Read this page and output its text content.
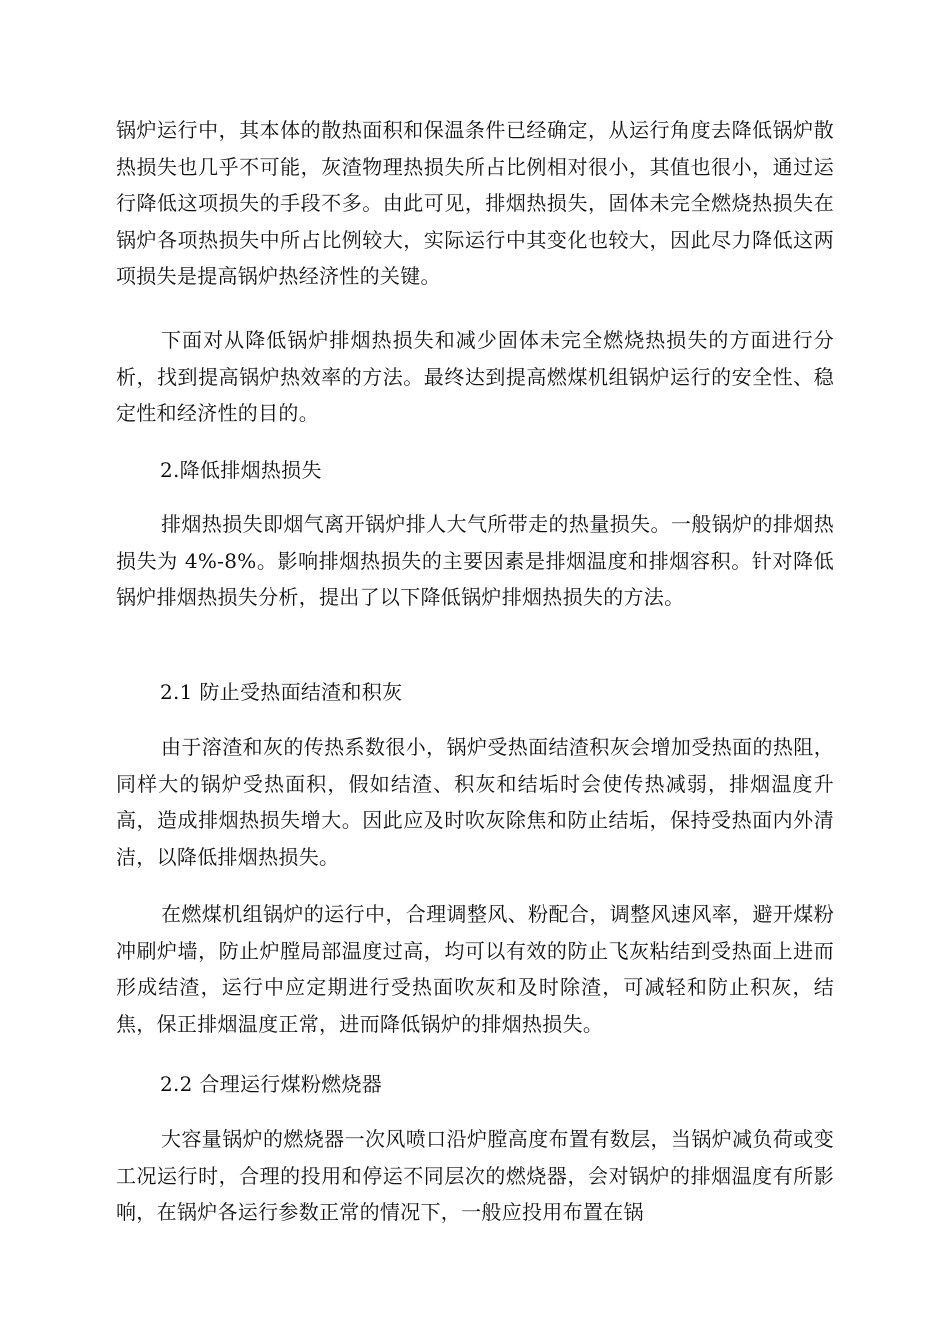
锅炉运行中，其本体的散热面积和保温条件已经确定，从运行角度去降低锅炉散热损失也几乎不可能，灰渣物理热损失所占比例相对很小，其值也很小，通过运行降低这项损失的手段不多。由此可见，排烟热损失，固体未完全燃烧热损失在锅炉各项热损失中所占比例较大，实际运行中其变化也较大，因此尽力降低这两项损失是提高锅炉热经济性的关键。

下面对从降低锅炉排烟热损失和减少固体未完全燃烧热损失的方面进行分析，找到提高锅炉热效率的方法。最终达到提高燃煤机组锅炉运行的安全性、稳定性和经济性的目的。

2.降低排烟热损失

排烟热损失即烟气离开锅炉排人大气所带走的热量损失。一般锅炉的排烟热损失为 4%-8%。影响排烟热损失的主要因素是排烟温度和排烟容积。针对降低锅炉排烟热损失分析，提出了以下降低锅炉排烟热损失的方法。

2.1 防止受热面结渣和积灰

由于溶渣和灰的传热系数很小，锅炉受热面结渣积灰会增加受热面的热阻，同样大的锅炉受热面积，假如结渣、积灰和结垢时会使传热减弱，排烟温度升高，造成排烟热损失增大。因此应及时吹灰除焦和防止结垢，保持受热面内外清洁，以降低排烟热损失。

在燃煤机组锅炉的运行中，合理调整风、粉配合，调整风速风率，避开煤粉冲刷炉墙，防止炉膛局部温度过高，均可以有效的防止飞灰粘结到受热面上进而形成结渣，运行中应定期进行受热面吹灰和及时除渣，可减轻和防止积灰，结焦，保正排烟温度正常，进而降低锅炉的排烟热损失。

2.2 合理运行煤粉燃烧器

大容量锅炉的燃烧器一次风喷口沿炉膛高度布置有数层，当锅炉减负荷或变工况运行时，合理的投用和停运不同层次的燃烧器，会对锅炉的排烟温度有所影响，在锅炉各运行参数正常的情况下，一般应投用布置在锅
